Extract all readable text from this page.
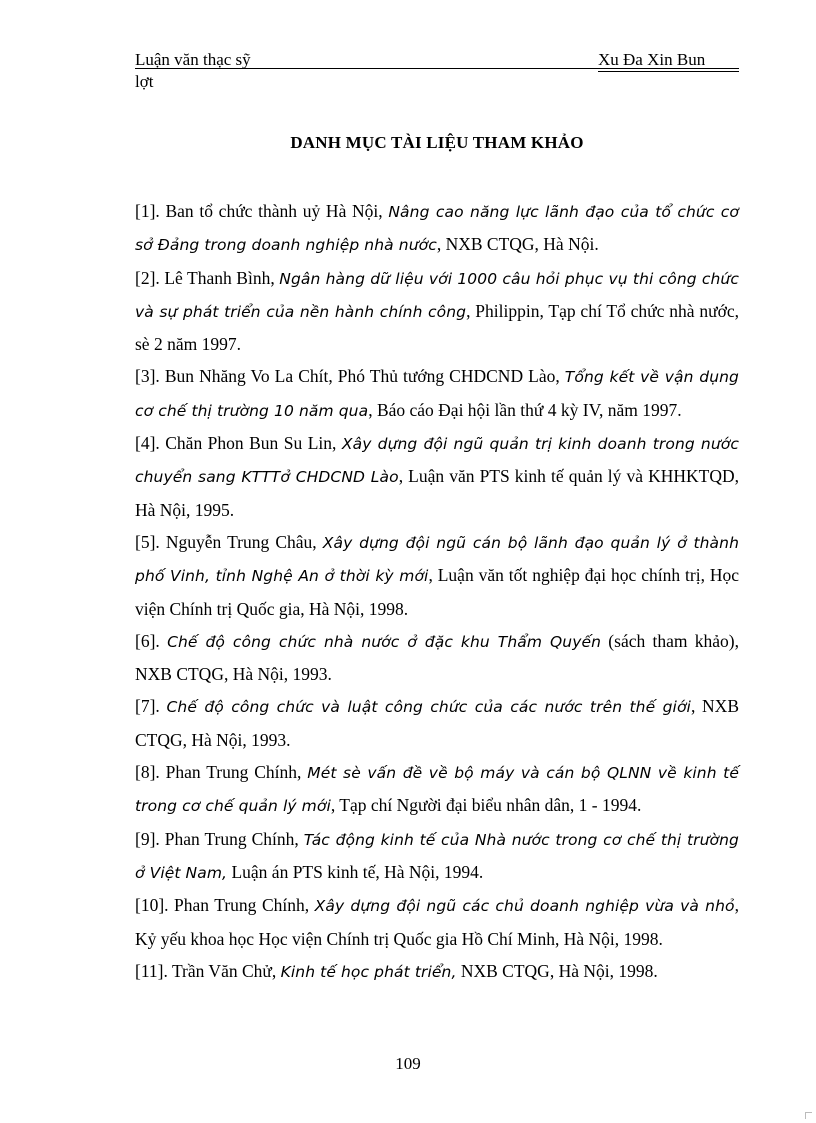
Luận văn thạc sỹ	Xu Đa Xin Bun
lợt
DANH MỤC TÀI LIỆU THAM KHẢO

[1]. Ban tổ chức thành uỷ Hà Nội, Nâng cao năng lực lãnh đạo của tổ chức cơ sở Đảng trong doanh nghiệp nhà nước, NXB CTQG, Hà Nội.

[2]. Lê Thanh Bình, Ngân hàng dữ liệu với 1000 câu hỏi phục vụ thi công chức và sự phát triển của nền hành chính công, Philippin, Tạp chí Tổ chức nhà nước, sè 2 năm 1997.

[3]. Bun Nhăng Vo La Chít, Phó Thủ tướng CHDCND Lào, Tổng kết về vận dụng cơ chế thị trường 10 năm qua, Báo cáo Đại hội lần thứ 4 kỳ IV, năm 1997.

[4]. Chăn Phon Bun Su Lin, Xây dựng đội ngũ quản trị kinh doanh trong nước chuyển sang KTTTở CHDCND Lào, Luận văn PTS kinh tế quản lý và KHHKTQD, Hà Nội, 1995.

[5]. Nguyễn Trung Châu, Xây dựng đội ngũ cán bộ lãnh đạo quản lý ở thành phố Vinh, tỉnh Nghệ An ở thời kỳ mới, Luận văn tốt nghiệp đại học chính trị, Học viện Chính trị Quốc gia, Hà Nội, 1998.

[6]. Chế độ công chức nhà nước ở đặc khu Thẩm Quyến (sách tham khảo), NXB CTQG, Hà Nội, 1993.

[7]. Chế độ công chức và luật công chức của các nước trên thế giới, NXB CTQG, Hà Nội, 1993.

[8]. Phan Trung Chính, Mét sè vấn đề về bộ máy và cán bộ QLNN về kinh tế trong cơ chế quản lý mới, Tạp chí Người đại biểu nhân dân, 1 - 1994.

[9]. Phan Trung Chính, Tác động kinh tế của Nhà nước trong cơ chế thị trường ở Việt Nam, Luận án PTS kinh tế, Hà Nội, 1994.

[10]. Phan Trung Chính, Xây dựng đội ngũ các chủ doanh nghiệp vừa và nhỏ, Kỷ yếu khoa học Học viện Chính trị Quốc gia Hồ Chí Minh, Hà Nội, 1998.

[11]. Trần Văn Chử, Kinh tế học phát triển, NXB CTQG, Hà Nội, 1998.

109
